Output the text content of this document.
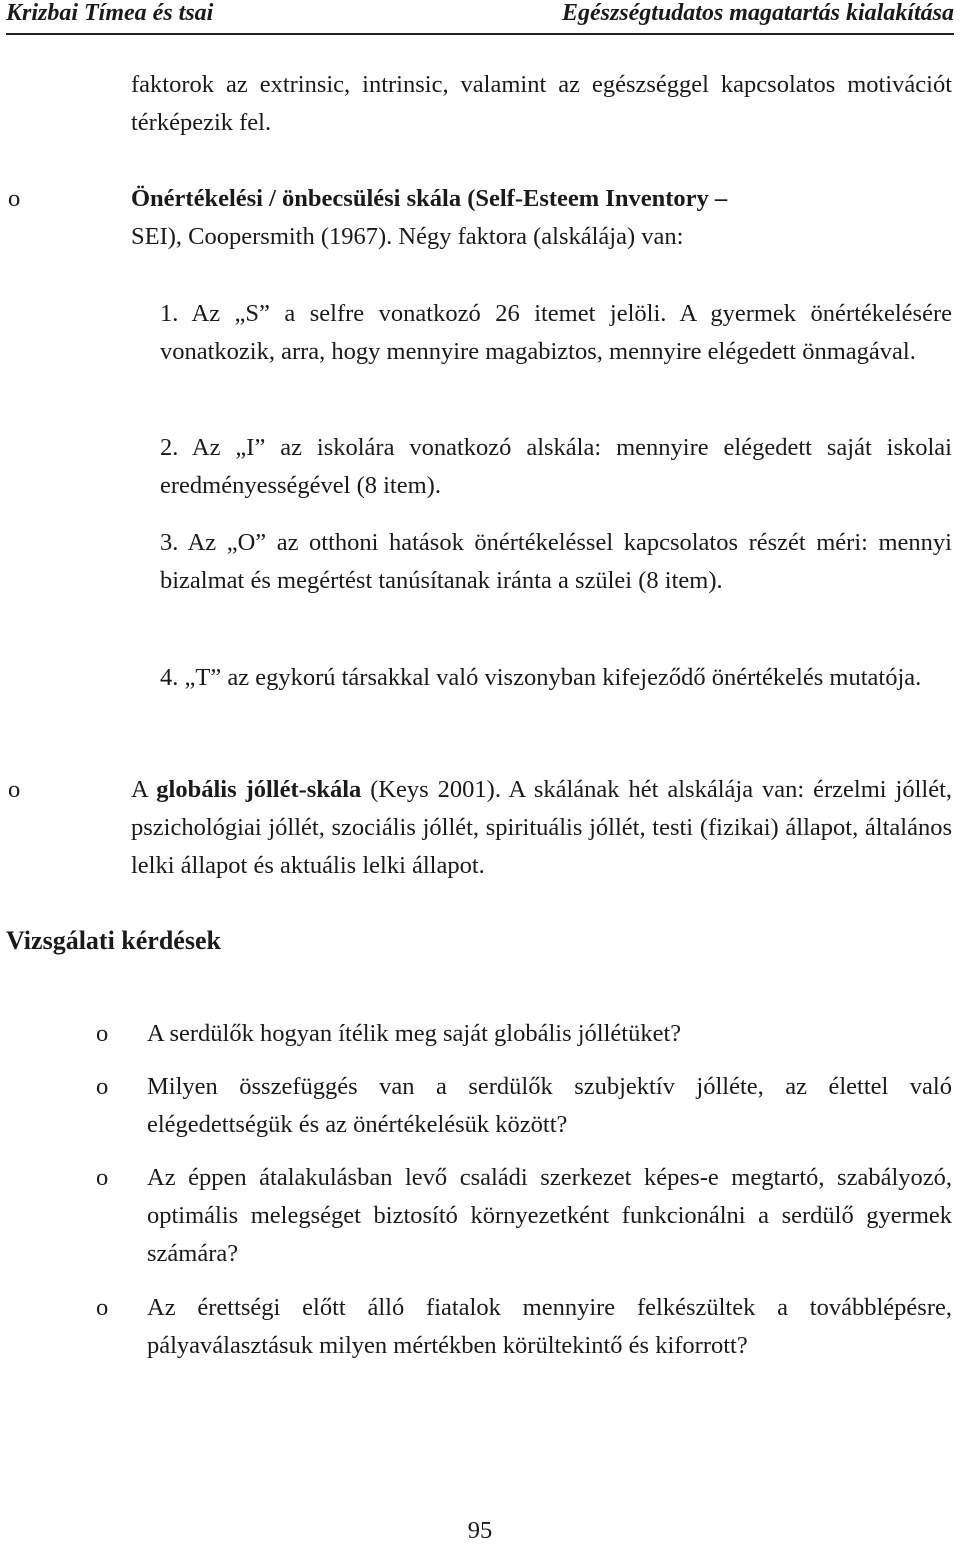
Krizbai Tímea és tsai	Egészségtudatos magatartás kialakítása
faktorok az extrinsic, intrinsic, valamint az egészséggel kapcsolatos motivációt térképezik fel.
o	Önértékelési / önbecsülési skála (Self-Esteem Inventory –
SEI), Coopersmith (1967). Négy faktora (alskálája) van:
1. Az „S” a selfre vonatkozó 26 itemet jelöli. A gyermek önértékelésére vonatkozik, arra, hogy mennyire magabiztos, mennyire elégedett önmagával.
2. Az „I” az iskolára vonatkozó alskála: mennyire elégedett saját iskolai eredményességével (8 item).
3. Az „O” az otthoni hatások önértékeléssel kapcsolatos részét méri: mennyi bizalmat és megértést tanúsítanak iránta a szülei (8 item).
4. „T” az egykorú társakkal való viszonyban kifejeződő önértékelés mutatója.
o	A globális jóllét-skála (Keys 2001). A skálának hét alskálája van: érzelmi jóllét, pszichológiai jóllét, szociális jóllét, spirituális jóllét, testi (fizikai) állapot, általános lelki állapot és aktuális lelki állapot.
Vizsgálati kérdések
o A serdülők hogyan ítélik meg saját globális jóllétüket?
o Milyen összefüggés van a serdülők szubjektív jólléte, az élettel való elégedettségük és az önértékelésük között?
o Az éppen átalakulásban levő családi szerkezet képes-e megtartó, szabályozó, optimális melegséget biztosító környezetként funkcionálni a serdülő gyermek számára?
o Az érettségi előtt álló fiatalok mennyire felkészültek a továbblépésre, pályaválasztásuk milyen mértékben körültekintő és kiforrott?
95
